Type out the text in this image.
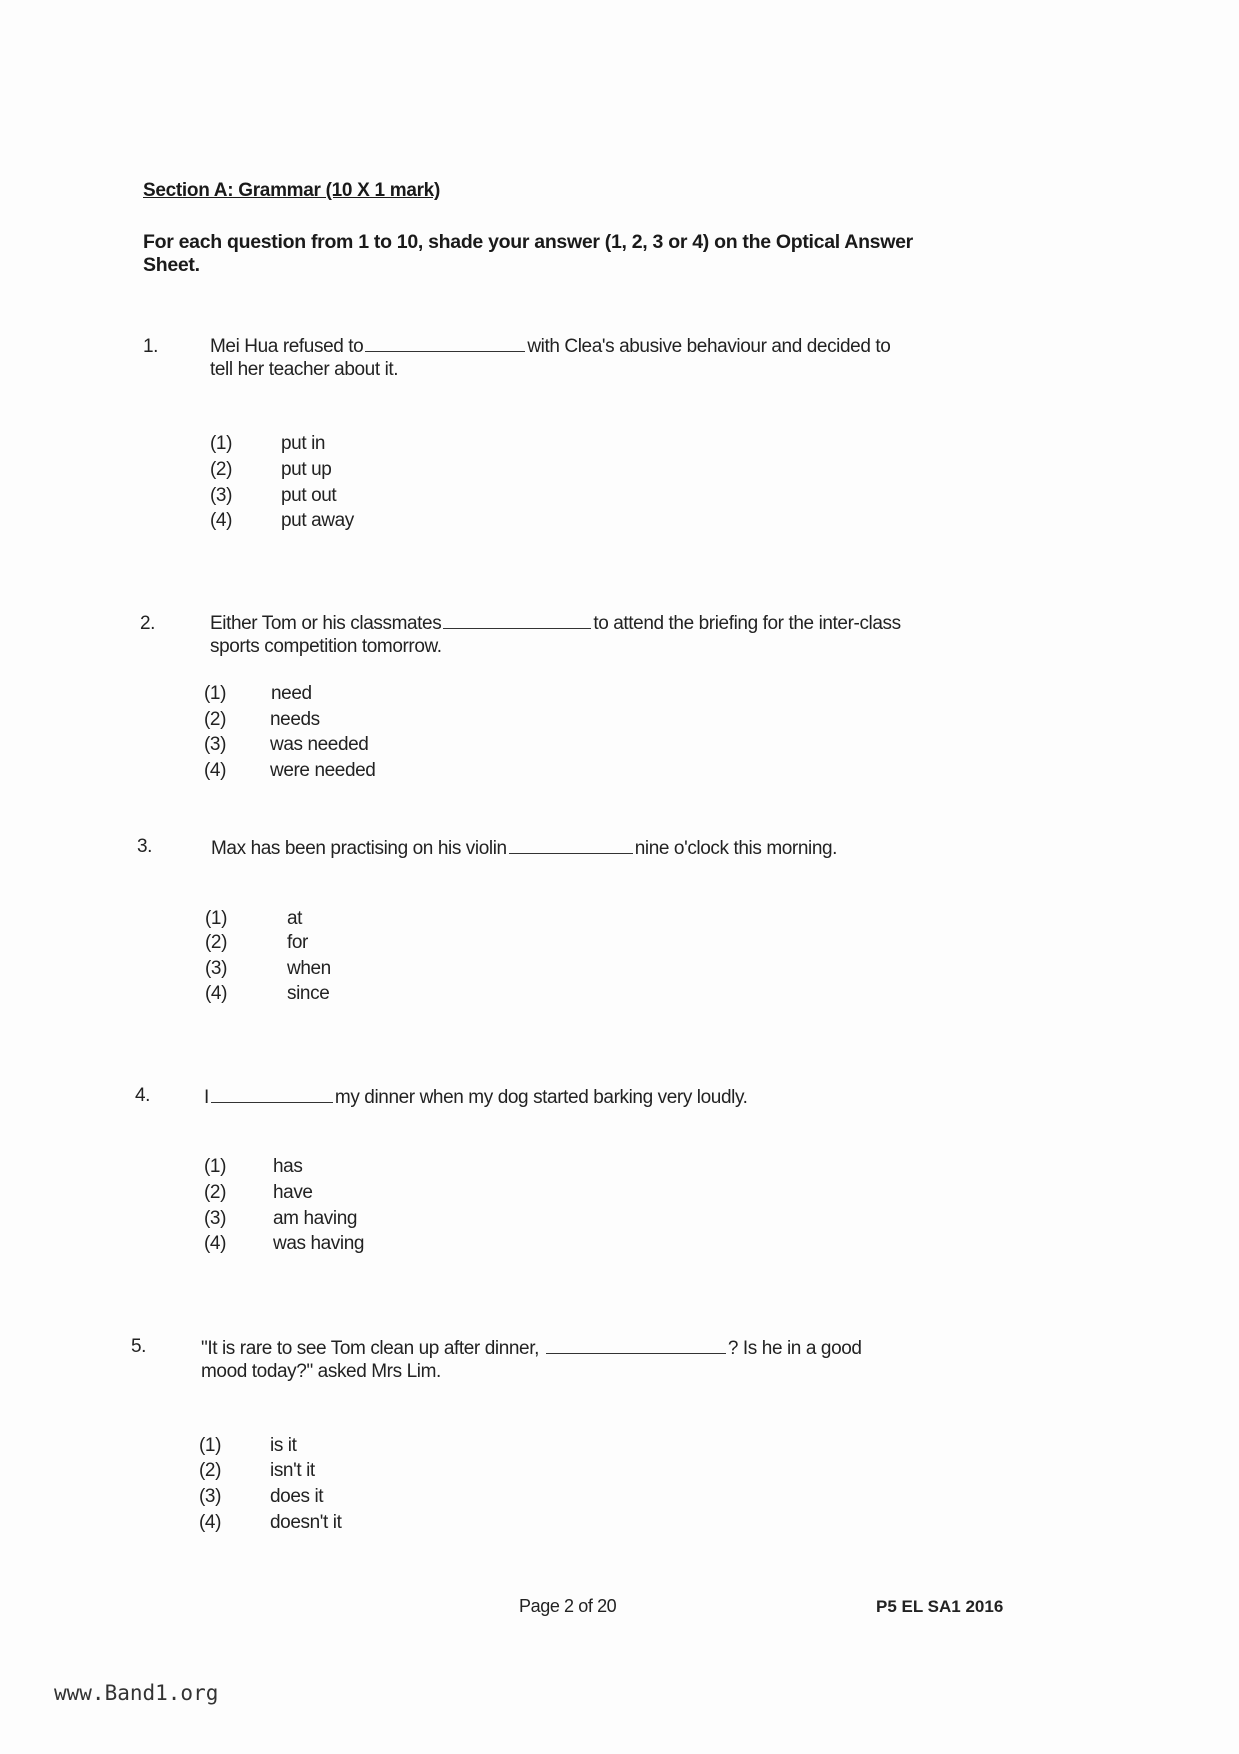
Section A: Grammar (10 X 1 mark)
For each question from 1 to 10, shade your answer (1, 2, 3 or 4) on the Optical Answer
Sheet.
1.	Mei Hua refused to	with Clea's abusive behaviour and decided to
tell her teacher about it.
(1)	put in
(2)	put up
(3)	put out
(4)	put away
2.	Either Tom or his classmates	to attend the briefing for the inter-class
sports competition tomorrow.
(1) need
(2) needs
(3) was needed
(4) were needed
3.	Max has been practising on his violin	nine o'clock this morning.
(1)	at
(2)	for
(3)	when
(4)	since
4.	I	my dinner when my dog started barking very loudly.
(1) has
(2) have
(3) am having
(4) was having
5.	"It is rare to see Tom clean up after dinner,	? Is he in a good
mood today?" asked Mrs Lim.
(1)	is it
(2)	isn't it
(3)	does it
(4)	doesn't it
Page 2 of 20	P5 EL SA1 2016
www.Band1.org
